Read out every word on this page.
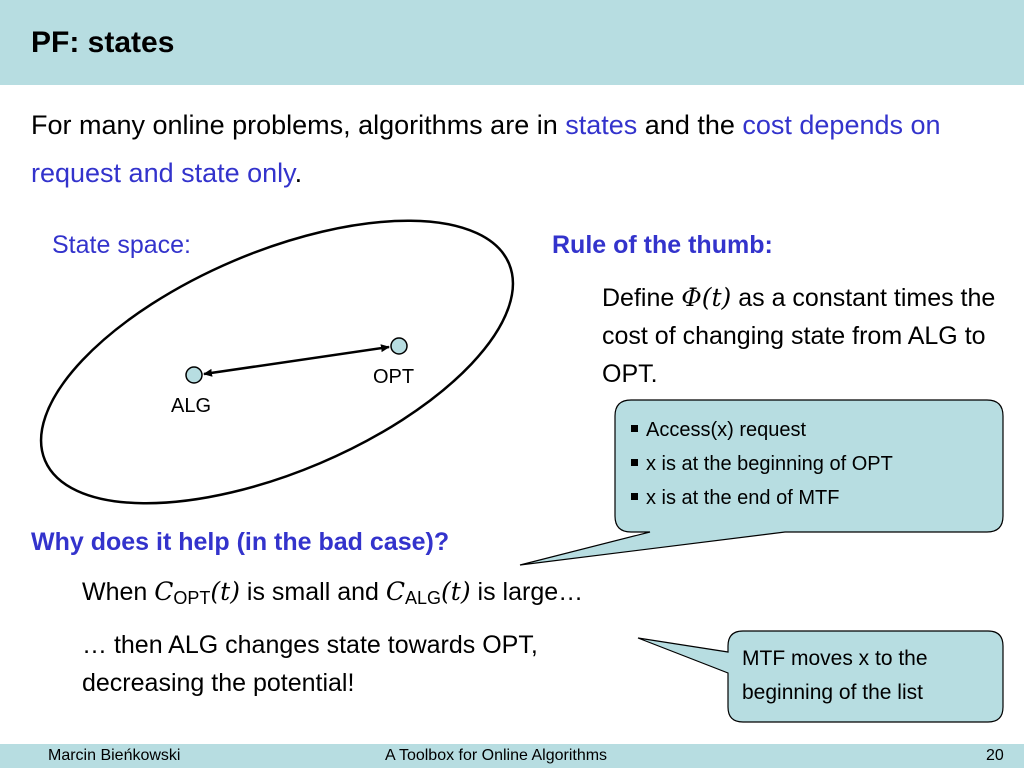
PF: states
For many online problems, algorithms are in states and the cost depends on request and state only.
State space:
ALG
OPT
Rule of the thumb:
Define Φ(t) as a constant times the cost of changing state from ALG to OPT.
Access(x) request
x is at the beginning of OPT
x is at the end of MTF
Why does it help (in the bad case)?
When $C_{OPT}(t)$ is small and $C_{ALG}(t)$ is large…
… then ALG changes state towards OPT, decreasing the potential!
MTF moves x to the beginning of the list
Marcin Bieńkowski	A Toolbox for Online Algorithms	20
